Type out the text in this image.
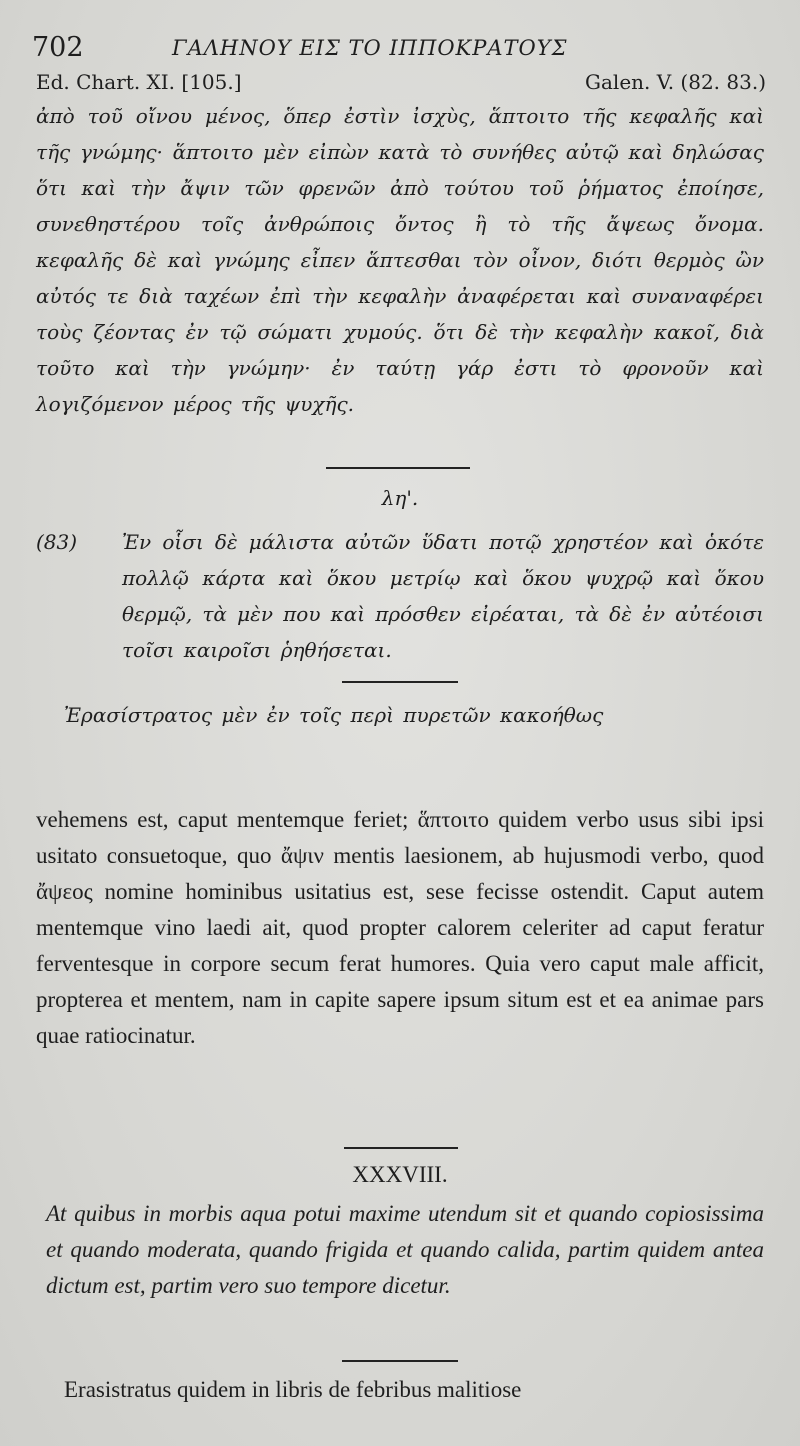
702	ΓΑΛΗΝΟΥ ΕΙΣ ΤΟ ΙΠΠΟΚΡΑΤΟΥΣ
Ed. Chart. XI. [105.]	Galen. V. (82. 83.)

ἀπὸ τοῦ οἴνου μένος, ὅπερ ἐστὶν ἰσχὺς, ἅπτοιτο τῆς κεφαλῆς καὶ τῆς γνώμης· ἅπτοιτο μὲν εἰπὼν κατὰ τὸ συνήθες αὐτῷ καὶ δηλώσας ὅτι καὶ τὴν ἄψιν τῶν φρενῶν ἀπὸ τούτου τοῦ ῥήματος ἐποίησε, συνεθηστέρου τοῖς ἀνθρώποις ὄντος ἢ τὸ τῆς ἄψεως ὄνομα. κεφαλῆς δὲ καὶ γνώμης εἶπεν ἅπτεσθαι τὸν οἶνον, διότι θερμὸς ὢν αὐτός τε διὰ ταχέων ἐπὶ τὴν κεφαλὴν ἀναφέρεται καὶ συναναφέρει τοὺς ζέοντας ἐν τῷ σώματι χυμούς. ὅτι δὲ τὴν κεφαλὴν κακοῖ, διὰ τοῦτο καὶ τὴν γνώμην· ἐν ταύτῃ γάρ ἐστι τὸ φρονοῦν καὶ λογιζόμενον μέρος τῆς ψυχῆς.

λη'.
(83) Ἐν οἷσι δὲ μάλιστα αὐτῶν ὕδατι ποτῷ χρηστέον καὶ ὁκότε πολλῷ κάρτα καὶ ὅκου μετρίῳ καὶ ὅκου ψυχρῷ καὶ ὅκου θερμῷ, τὰ μὲν που καὶ πρόσθεν εἰρέαται, τὰ δὲ ἐν αὐτέοισι τοῖσι καιροῖσι ῥηθήσεται.

Ἐρασίστρατος μὲν ἐν τοῖς περὶ πυρετῶν κακοήθως

vehemens est, caput mentemque feriet; ἅπτοιτο quidem verbo usus sibi ipsi usitato consuetoque, quo ἄψιν mentis laesionem, ab hujusmodi verbo, quod ἄψεος nomine hominibus usitatius est, sese fecisse ostendit. Caput autem mentemque vino laedi ait, quod propter calorem celeriter ad caput feratur ferventesque in corpore secum ferat humores. Quia vero caput male afficit, propterea et mentem, nam in capite sapere ipsum situm est et ea animae pars quae ratiocinatur.

XXXVIII.

At quibus in morbis aqua potui maxime utendum sit et quando copiosissima et quando moderata, quando frigida et quando calida, partim quidem antea dictum est, partim vero suo tempore dicetur.

Erasistratus quidem in libris de febribus malitiose
